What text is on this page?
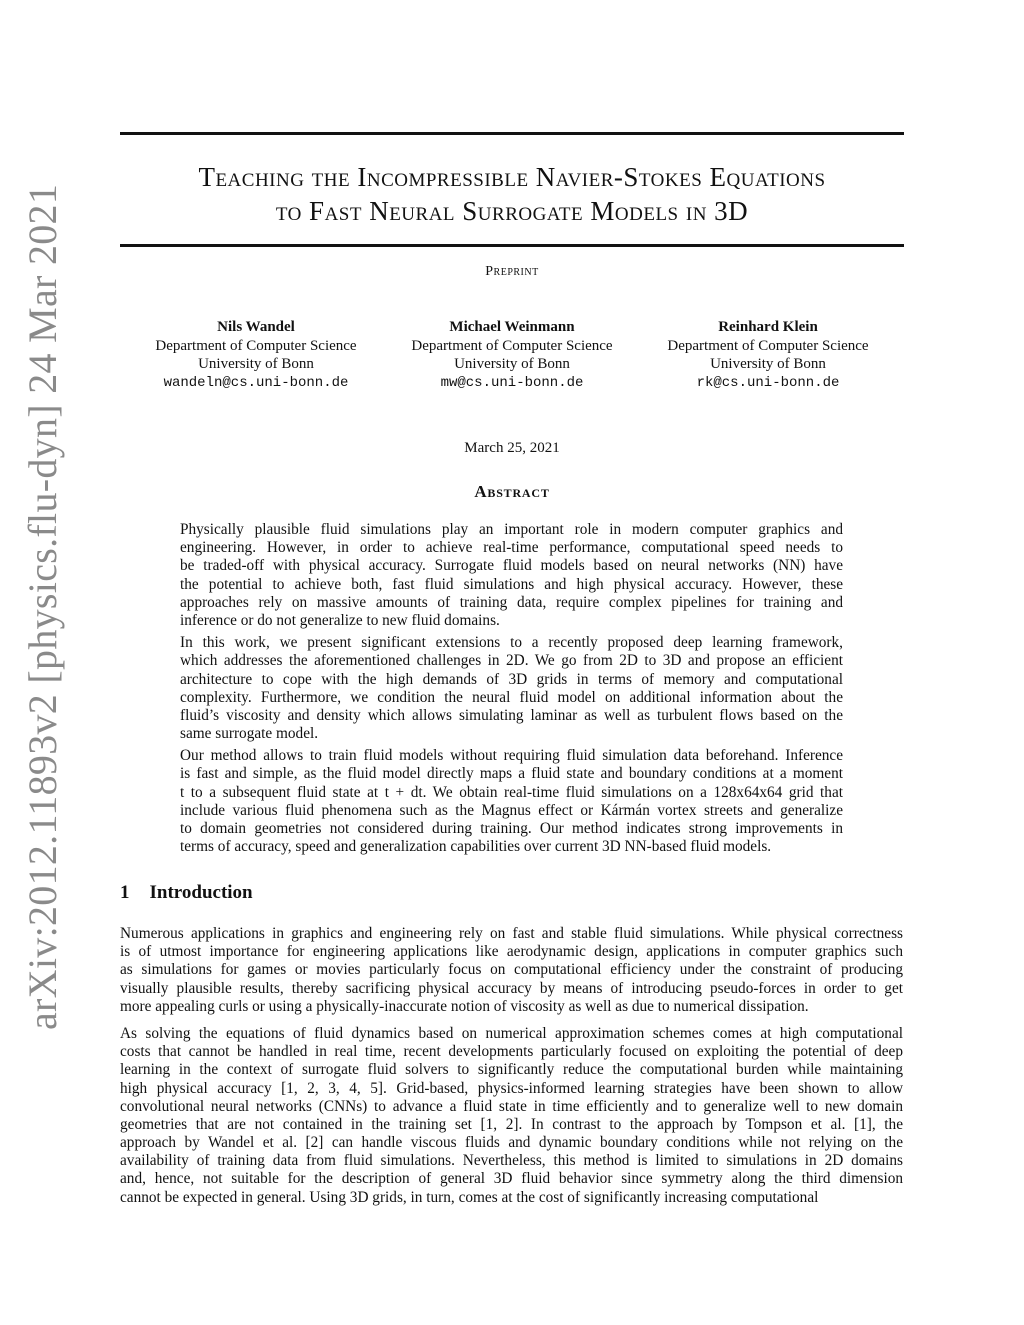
arXiv:2012.11893v2 [physics.flu-dyn] 24 Mar 2021
Teaching the Incompressible Navier-Stokes Equations
to Fast Neural Surrogate Models in 3D
Preprint
Nils Wandel
Department of Computer Science
University of Bonn
wandeln@cs.uni-bonn.de
Michael Weinmann
Department of Computer Science
University of Bonn
mw@cs.uni-bonn.de
Reinhard Klein
Department of Computer Science
University of Bonn
rk@cs.uni-bonn.de
March 25, 2021
Abstract
Physically plausible fluid simulations play an important role in modern computer graphics and
engineering. However, in order to achieve real-time performance, computational speed needs to
be traded-off with physical accuracy. Surrogate fluid models based on neural networks (NN) have
the potential to achieve both, fast fluid simulations and high physical accuracy. However, these
approaches rely on massive amounts of training data, require complex pipelines for training and
inference or do not generalize to new fluid domains.
In this work, we present significant extensions to a recently proposed deep learning framework,
which addresses the aforementioned challenges in 2D. We go from 2D to 3D and propose an efficient
architecture to cope with the high demands of 3D grids in terms of memory and computational
complexity. Furthermore, we condition the neural fluid model on additional information about the
fluid’s viscosity and density which allows simulating laminar as well as turbulent flows based on the
same surrogate model.
Our method allows to train fluid models without requiring fluid simulation data beforehand. Inference
is fast and simple, as the fluid model directly maps a fluid state and boundary conditions at a moment
t to a subsequent fluid state at t + dt. We obtain real-time fluid simulations on a 128x64x64 grid that
include various fluid phenomena such as the Magnus effect or Kármán vortex streets and generalize
to domain geometries not considered during training. Our method indicates strong improvements in
terms of accuracy, speed and generalization capabilities over current 3D NN-based fluid models.
1 Introduction
Numerous applications in graphics and engineering rely on fast and stable fluid simulations. While physical correctness
is of utmost importance for engineering applications like aerodynamic design, applications in computer graphics such
as simulations for games or movies particularly focus on computational efficiency under the constraint of producing
visually plausible results, thereby sacrificing physical accuracy by means of introducing pseudo-forces in order to get
more appealing curls or using a physically-inaccurate notion of viscosity as well as due to numerical dissipation.
As solving the equations of fluid dynamics based on numerical approximation schemes comes at high computational
costs that cannot be handled in real time, recent developments particularly focused on exploiting the potential of deep
learning in the context of surrogate fluid solvers to significantly reduce the computational burden while maintaining
high physical accuracy [1, 2, 3, 4, 5]. Grid-based, physics-informed learning strategies have been shown to allow
convolutional neural networks (CNNs) to advance a fluid state in time efficiently and to generalize well to new domain
geometries that are not contained in the training set [1, 2]. In contrast to the approach by Tompson et al. [1], the
approach by Wandel et al. [2] can handle viscous fluids and dynamic boundary conditions while not relying on the
availability of training data from fluid simulations. Nevertheless, this method is limited to simulations in 2D domains
and, hence, not suitable for the description of general 3D fluid behavior since symmetry along the third dimension
cannot be expected in general. Using 3D grids, in turn, comes at the cost of significantly increasing computational
